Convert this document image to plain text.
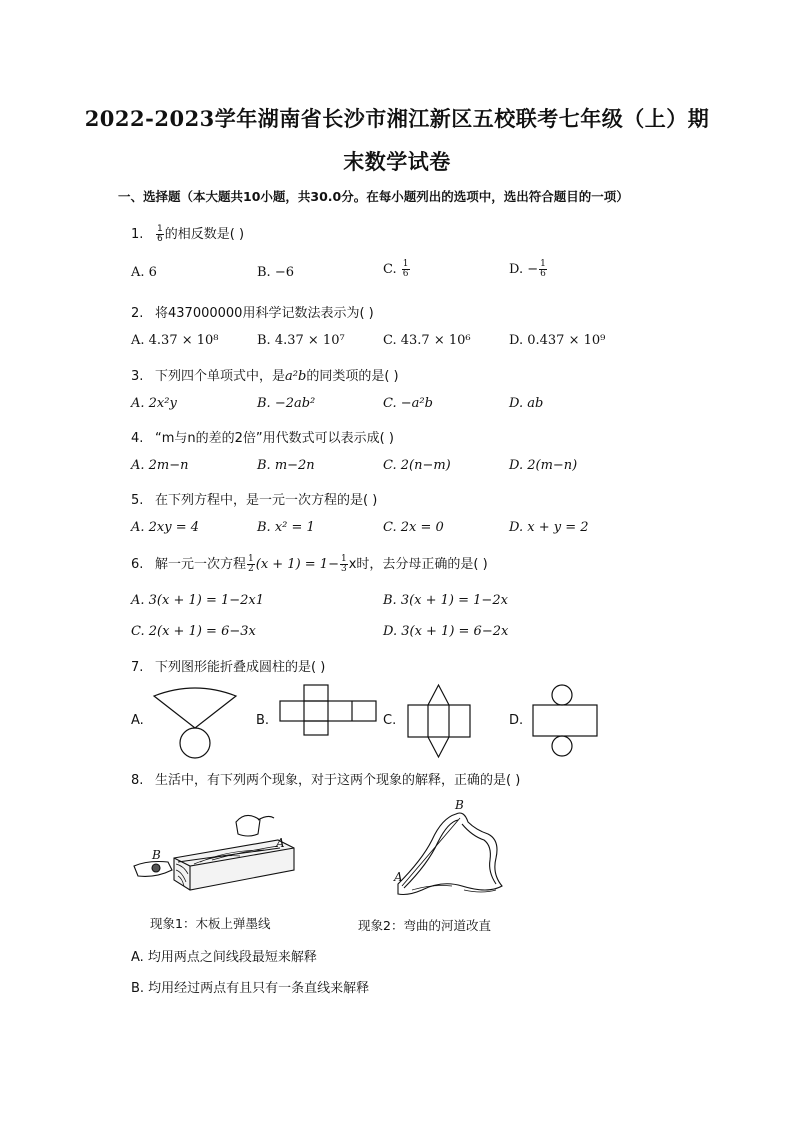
2022-2023学年湖南省长沙市湘江新区五校联考七年级（上）期
末数学试卷
一、选择题（本大题共10小题，共30.0分。在每小题列出的选项中，选出符合题目的一项）
1. $\frac{1}{6}$ 的相反数是( )
A. 6	B. −6	C. $\frac{1}{6}$	D. − $\frac{1}{6}$
2. 将437000000用科学记数法表示为( )
A. 4.37 × 10⁸	B. 4.37 × 10⁷	C. 43.7 × 10⁶	D. 0.437 × 10⁹
3. 下列四个单项式中，是a²b的同类项的是( )
A. 2x²y	B. −2ab²	C. −a²b	D. ab
4. “m与n的差的2倍”用代数式可以表示成( )
A. 2m−n	B. m−2n	C. 2(n−m)	D. 2(m−n)
5. 在下列方程中，是一元一次方程的是( )
A. 2xy = 4	B. x² = 1	C. 2x = 0	D. x + y = 2
6. 解一元一次方程 $\frac{1}{2} (x + 1) = 1- \frac{1}{3}$ x时，去分母正确的是( )
A. 3(x + 1) = 1−2x1	B. 3(x + 1) = 1−2x
C. 2(x + 1) = 6−3x	D. 3(x + 1) = 6−2x
7. 下列图形能折叠成圆柱的是( )
A.	B.	C.	D.
8. 生活中，有下列两个现象，对于这两个现象的解释，正确的是( )
B
A
B
A
现象1：木板上弹墨线	现象2：弯曲的河道改直
A. 均用两点之间线段最短来解释
B. 均用经过两点有且只有一条直线来解释
